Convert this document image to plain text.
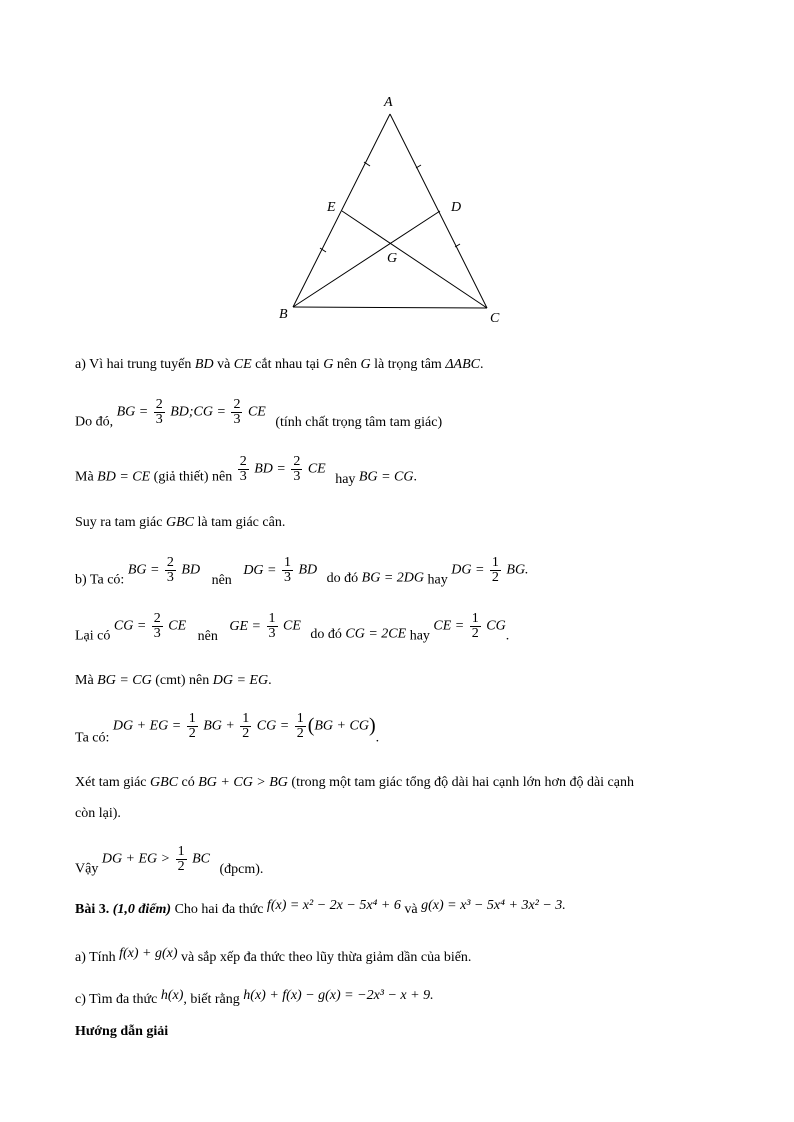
A
E	D
G
B	C
a) Vì hai trung tuyến BD và CE cắt nhau tại G nên G là trọng tâm ΔABC.
Do đó, BG = $\frac{2}{3}$ BD;CG = $\frac{2}{3}$ CE (tính chất trọng tâm tam giác)
Mà BD = CE (giả thiết) nên $\frac{2}{3}$ BD = $\frac{2}{3}$ CE hay BG = CG.
Suy ra tam giác GBC là tam giác cân.
b) Ta có: BG = $\frac{2}{3}$ BD nên DG = $\frac{1}{3}$ BD do đó BG = 2DG hay DG = $\frac{1}{2}$ BG.
Lại có CG = $\frac{2}{3}$ CE nên GE = $\frac{1}{3}$ CE do đó CG = 2CE hay CE = $\frac{1}{2}$ CG.
Mà BG = CG (cmt) nên DG = EG.
Ta có: DG + EG = $\frac{1}{2}$ BG + $\frac{1}{2}$ CG = $\frac{1}{2} (BG + CG)$.
Xét tam giác GBC có BG + CG > BG (trong một tam giác tổng độ dài hai cạnh lớn hơn độ dài cạnh
còn lại).
Vậy DG + EG > $\frac{1}{2}$ BC (đpcm).
Bài 3. (1,0 điểm) Cho hai đa thức f(x) = x² − 2x − 5x⁴ + 6 và g(x) = x³ − 5x⁴ + 3x² − 3.
a) Tính f(x) + g(x) và sắp xếp đa thức theo lũy thừa giảm dần của biến.
c) Tìm đa thức h(x), biết rằng h(x) + f(x) − g(x) = −2x³ − x + 9.
Hướng dẫn giải
